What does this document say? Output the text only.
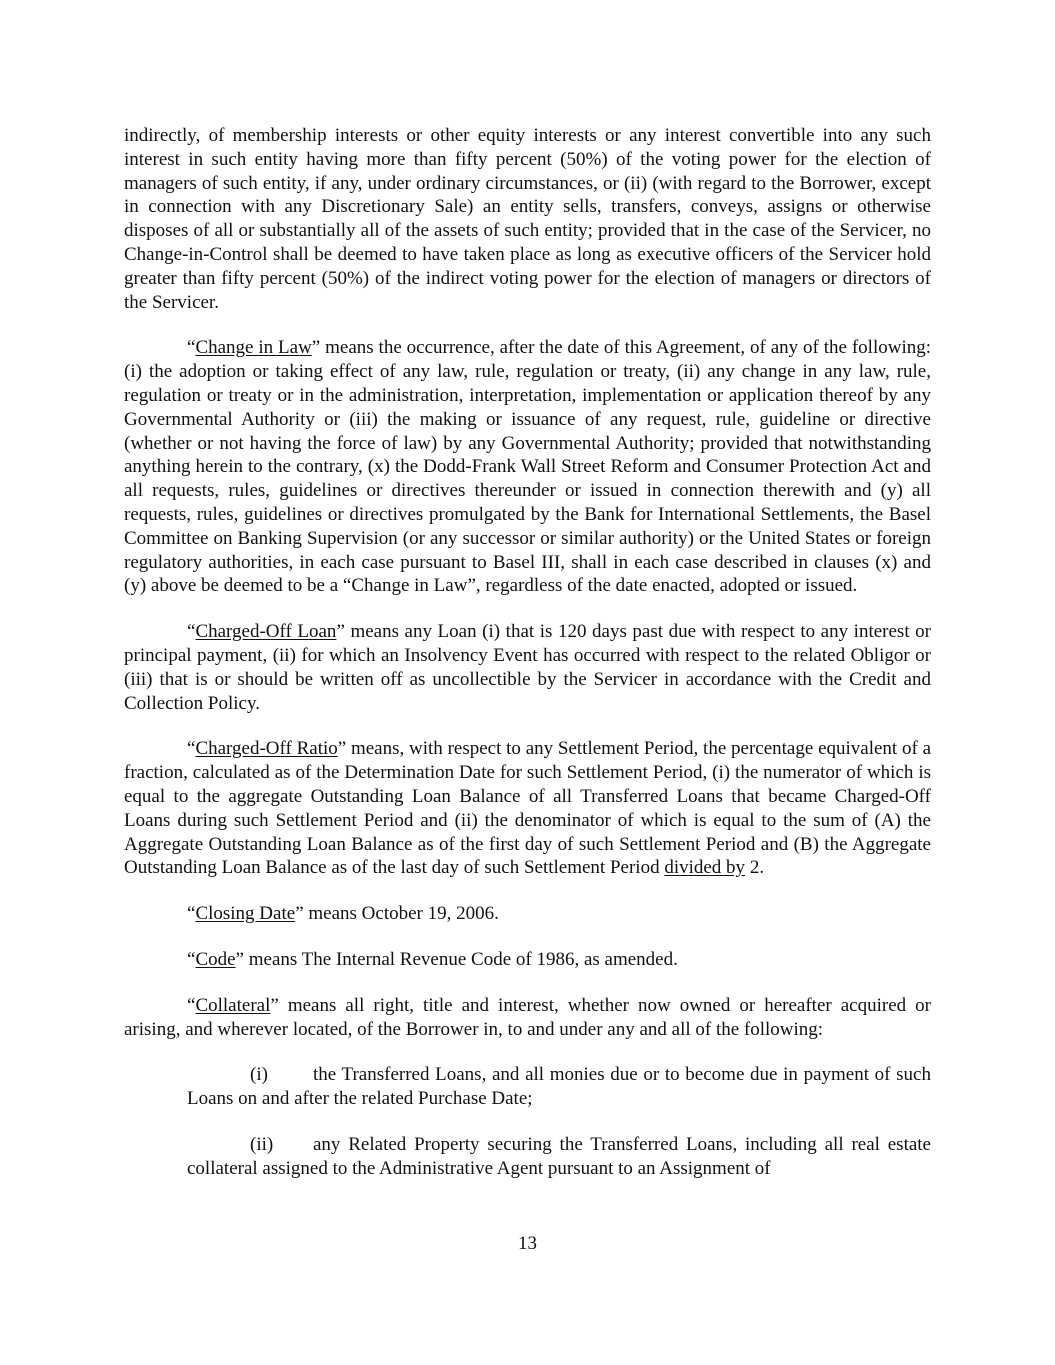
indirectly, of membership interests or other equity interests or any interest convertible into any such interest in such entity having more than fifty percent (50%) of the voting power for the election of managers of such entity, if any, under ordinary circumstances, or (ii) (with regard to the Borrower, except in connection with any Discretionary Sale) an entity sells, transfers, conveys, assigns or otherwise disposes of all or substantially all of the assets of such entity; provided that in the case of the Servicer, no Change-in-Control shall be deemed to have taken place as long as executive officers of the Servicer hold greater than fifty percent (50%) of the indirect voting power for the election of managers or directors of the Servicer.

“Change in Law” means the occurrence, after the date of this Agreement, of any of the following: (i) the adoption or taking effect of any law, rule, regulation or treaty, (ii) any change in any law, rule, regulation or treaty or in the administration, interpretation, implementation or application thereof by any Governmental Authority or (iii) the making or issuance of any request, rule, guideline or directive (whether or not having the force of law) by any Governmental Authority; provided that notwithstanding anything herein to the contrary, (x) the Dodd-Frank Wall Street Reform and Consumer Protection Act and all requests, rules, guidelines or directives thereunder or issued in connection therewith and (y) all requests, rules, guidelines or directives promulgated by the Bank for International Settlements, the Basel Committee on Banking Supervision (or any successor or similar authority) or the United States or foreign regulatory authorities, in each case pursuant to Basel III, shall in each case described in clauses (x) and (y) above be deemed to be a “Change in Law”, regardless of the date enacted, adopted or issued.

“Charged-Off Loan” means any Loan (i) that is 120 days past due with respect to any interest or principal payment, (ii) for which an Insolvency Event has occurred with respect to the related Obligor or (iii) that is or should be written off as uncollectible by the Servicer in accordance with the Credit and Collection Policy.

“Charged-Off Ratio” means, with respect to any Settlement Period, the percentage equivalent of a fraction, calculated as of the Determination Date for such Settlement Period, (i) the numerator of which is equal to the aggregate Outstanding Loan Balance of all Transferred Loans that became Charged-Off Loans during such Settlement Period and (ii) the denominator of which is equal to the sum of (A) the Aggregate Outstanding Loan Balance as of the first day of such Settlement Period and (B) the Aggregate Outstanding Loan Balance as of the last day of such Settlement Period divided by 2.

“Closing Date” means October 19, 2006.

“Code” means The Internal Revenue Code of 1986, as amended.

“Collateral” means all right, title and interest, whether now owned or hereafter acquired or arising, and wherever located, of the Borrower in, to and under any and all of the following:

(i) the Transferred Loans, and all monies due or to become due in payment of such Loans on and after the related Purchase Date;

(ii) any Related Property securing the Transferred Loans, including all real estate collateral assigned to the Administrative Agent pursuant to an Assignment of

13
